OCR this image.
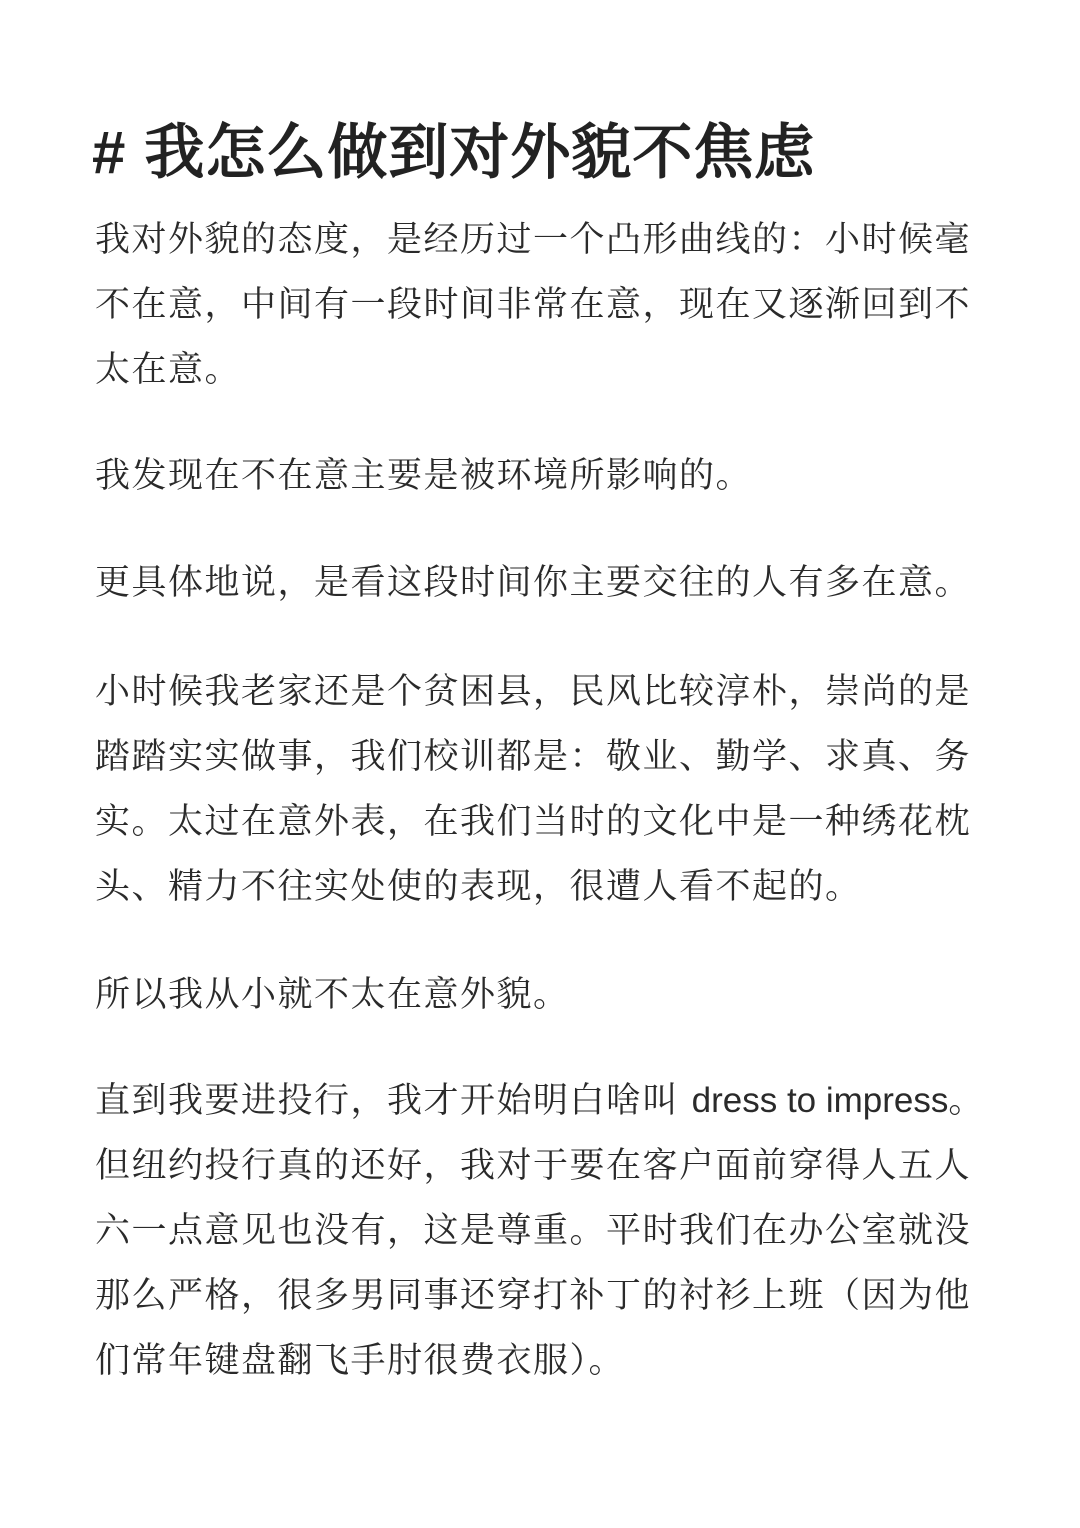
# 我怎么做到对外貌不焦虑

我对外貌的态度，是经历过一个凸形曲线的：小时候毫
不在意，中间有一段时间非常在意，现在又逐渐回到不
太在意。

我发现在不在意主要是被环境所影响的。

更具体地说，是看这段时间你主要交往的人有多在意。

小时候我老家还是个贫困县，民风比较淳朴，崇尚的是
踏踏实实做事，我们校训都是：敬业、勤学、求真、务
实。太过在意外表，在我们当时的文化中是一种绣花枕
头、精力不往实处使的表现，很遭人看不起的。

所以我从小就不太在意外貌。

直到我要进投行，我才开始明白啥叫 dress to impress。
但纽约投行真的还好，我对于要在客户面前穿得人五人
六一点意见也没有，这是尊重。平时我们在办公室就没
那么严格，很多男同事还穿打补丁的衬衫上班（因为他
们常年键盘翻飞手肘很费衣服）。
